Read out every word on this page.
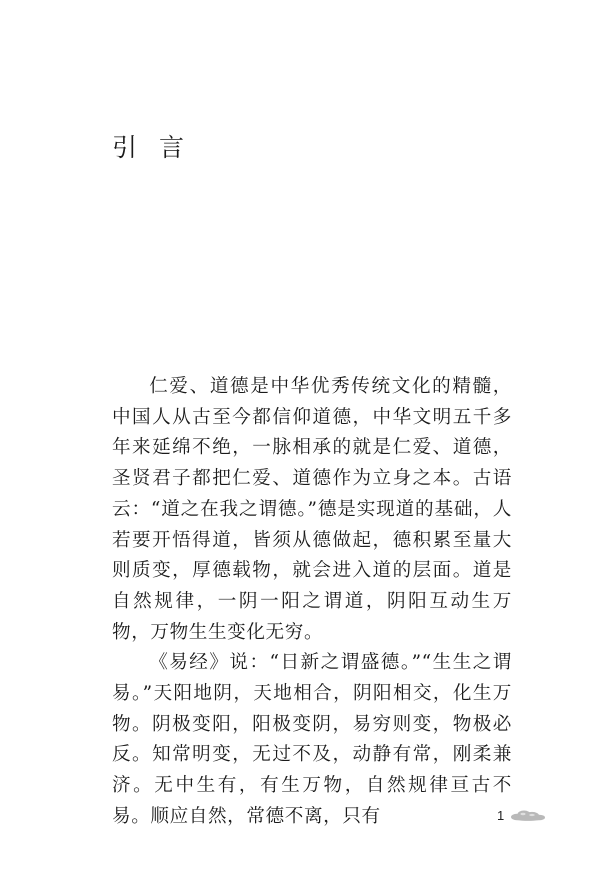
引言

仁爱、道德是中华优秀传统文化的精髓，中国人从古至今都信仰道德，中华文明五千多年来延绵不绝，一脉相承的就是仁爱、道德，圣贤君子都把仁爱、道德作为立身之本。古语云：“道之在我之谓德。”德是实现道的基础，人若要开悟得道，皆须从德做起，德积累至量大则质变，厚德载物，就会进入道的层面。道是自然规律，一阴一阳之谓道，阴阳互动生万物，万物生生变化无穷。

《易经》说：“日新之谓盛德。”“生生之谓易。”天阳地阴，天地相合，阴阳相交，化生万物。阴极变阳，阳极变阴，易穷则变，物极必反。知常明变，无过不及，动静有常，刚柔兼济。无中生有，有生万物，自然规律亘古不易。顺应自然，常德不离，只有	1
